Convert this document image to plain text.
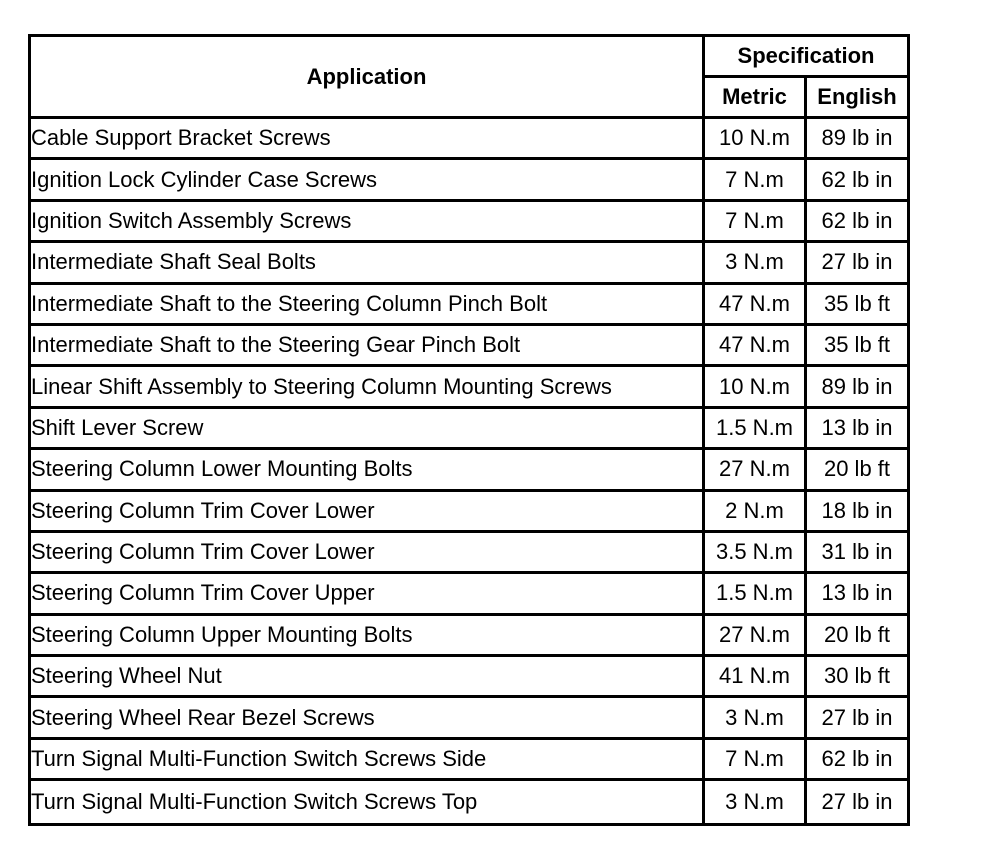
Application	Specification	
	Metric	English
Cable Support Bracket Screws	10 N.m	89 lb in
Ignition Lock Cylinder Case Screws	7 N.m	62 lb in
Ignition Switch Assembly Screws	7 N.m	62 lb in
Intermediate Shaft Seal Bolts	3 N.m	27 lb in
Intermediate Shaft to the Steering Column Pinch Bolt	47 N.m	35 lb ft
Intermediate Shaft to the Steering Gear Pinch Bolt	47 N.m	35 lb ft
Linear Shift Assembly to Steering Column Mounting Screws	10 N.m	89 lb in
Shift Lever Screw	1.5 N.m	13 lb in
Steering Column Lower Mounting Bolts	27 N.m	20 lb ft
Steering Column Trim Cover Lower	2 N.m	18 lb in
Steering Column Trim Cover Lower	3.5 N.m	31 lb in
Steering Column Trim Cover Upper	1.5 N.m	13 lb in
Steering Column Upper Mounting Bolts	27 N.m	20 lb ft
Steering Wheel Nut	41 N.m	30 lb ft
Steering Wheel Rear Bezel Screws	3 N.m	27 lb in
Turn Signal Multi-Function Switch Screws Side	7 N.m	62 lb in
Turn Signal Multi-Function Switch Screws Top	3 N.m	27 lb in
